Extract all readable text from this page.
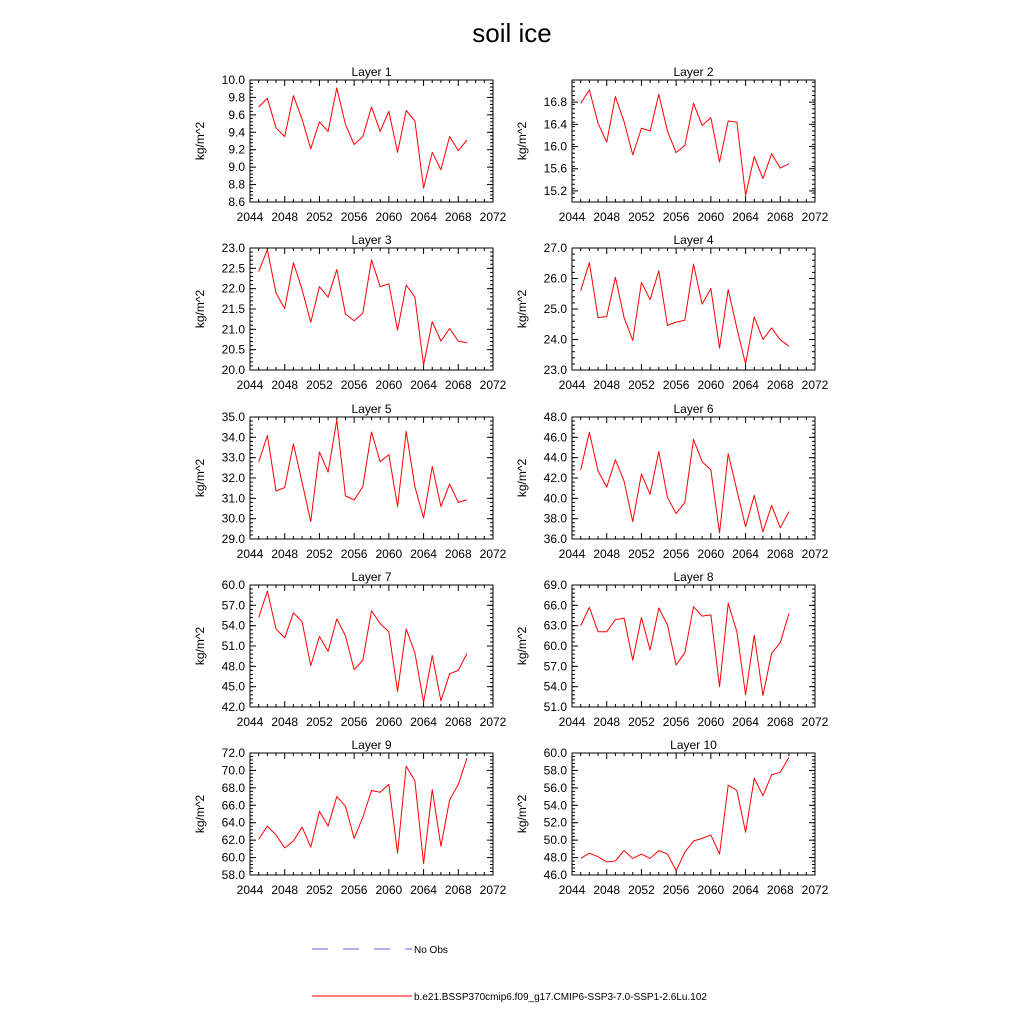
soil ice
Layer 1
kg/m^2
2044 2048 2052 2056 2060 2064 2068 2072
8.6
8.8
9.0
9.2
9.4
9.6
9.8
10.0
Layer 2
kg/m^2
2044 2048 2052 2056 2060 2064 2068 2072
15.2
15.6
16.0
16.4
16.8
Layer 3
kg/m^2
2044 2048 2052 2056 2060 2064 2068 2072
20.0
20.5
21.0
21.5
22.0
22.5
23.0
Layer 4
kg/m^2
2044 2048 2052 2056 2060 2064 2068 2072
23.0
24.0
25.0
26.0
27.0
Layer 5
kg/m^2
2044 2048 2052 2056 2060 2064 2068 2072
29.0
30.0
31.0
32.0
33.0
34.0
35.0
Layer 6
kg/m^2
2044 2048 2052 2056 2060 2064 2068 2072
36.0
38.0
40.0
42.0
44.0
46.0
48.0
Layer 7
kg/m^2
2044 2048 2052 2056 2060 2064 2068 2072
42.0
45.0
48.0
51.0
54.0
57.0
60.0
Layer 8
kg/m^2
2044 2048 2052 2056 2060 2064 2068 2072
51.0
54.0
57.0
60.0
63.0
66.0
69.0
Layer 9
kg/m^2
2044 2048 2052 2056 2060 2064 2068 2072
58.0
60.0
62.0
64.0
66.0
68.0
70.0
72.0
Layer 10
kg/m^2
2044 2048 2052 2056 2060 2064 2068 2072
46.0
48.0
50.0
52.0
54.0
56.0
58.0
60.0
No Obs
b.e21.BSSP370cmip6.f09_g17.CMIP6-SSP3-7.0-SSP1-2.6Lu.102
